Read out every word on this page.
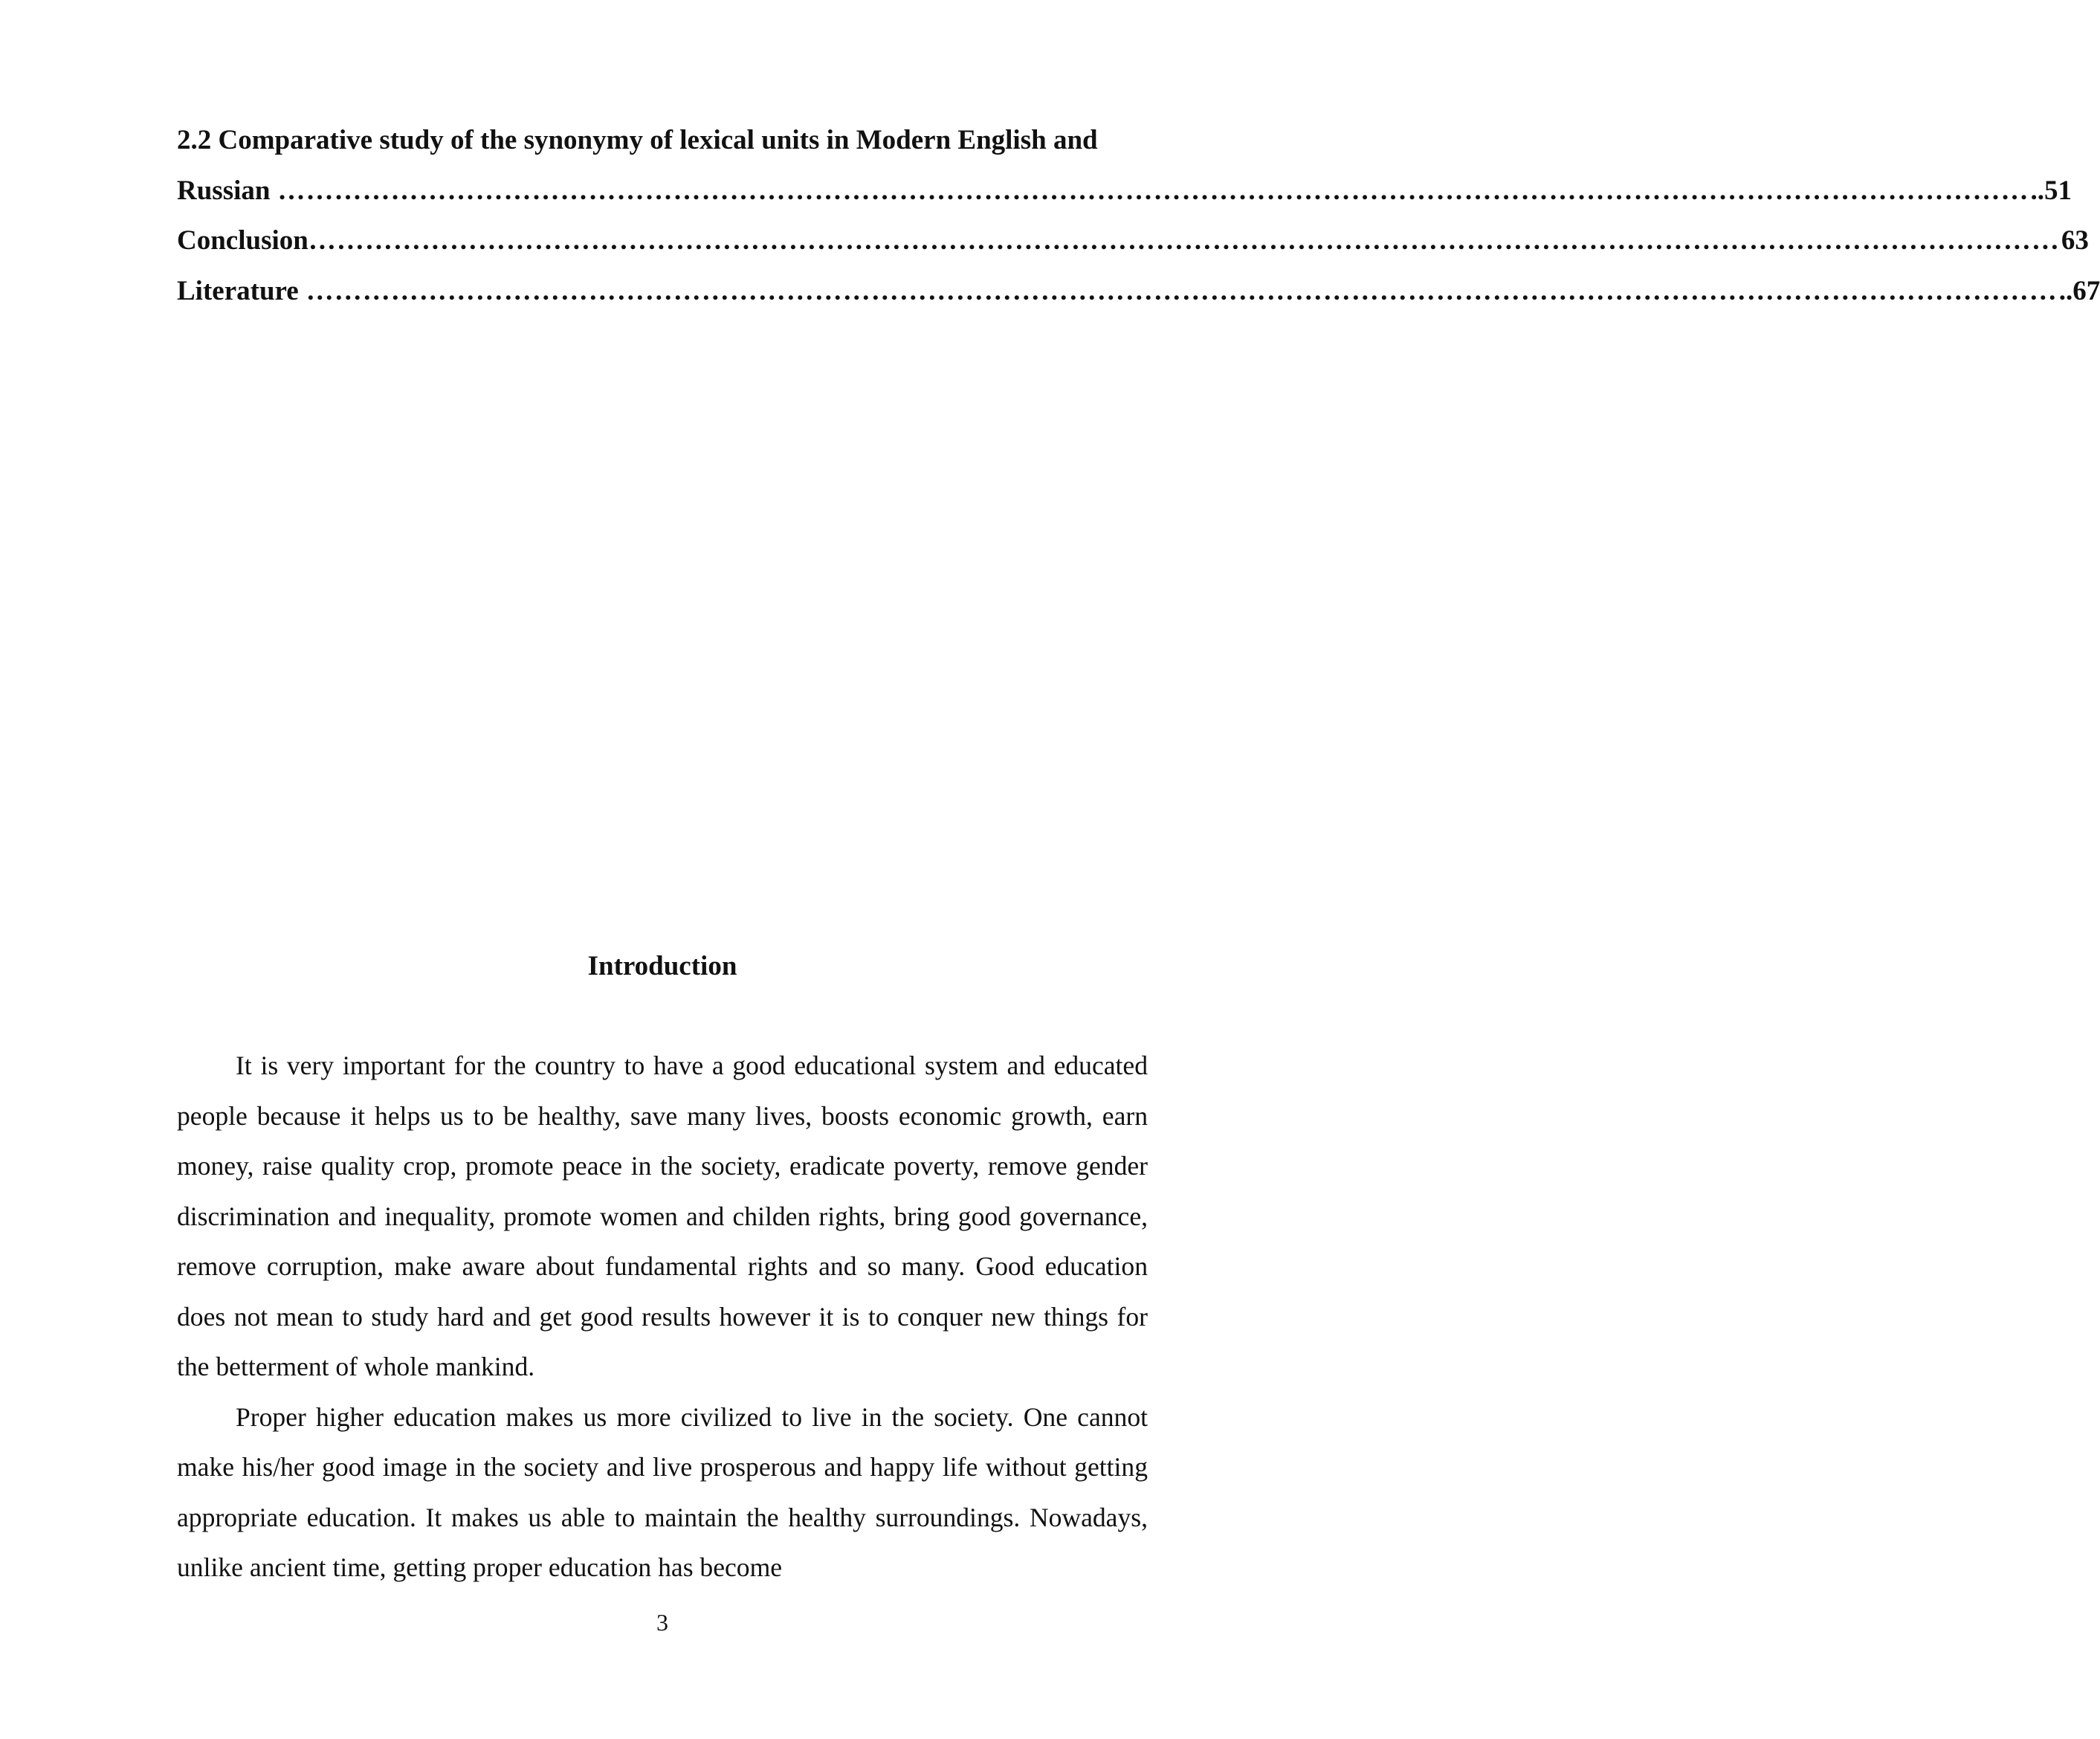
2.2 Comparative study of the synonymy of lexical units in Modern English and
Russian …………………………………………………………………………………………………………………………………………………………………… ..51
Conclusion …………………………………………………………………………………………………………………………………………………………………… 63
Literature …………………………………………………………………………………………………………………………………………………………………… ..67
Introduction

It is very important for the country to have a good educational system and educated people because it helps us to be healthy, save many lives, boosts economic growth, earn money, raise quality crop, promote peace in the society, eradicate poverty, remove gender discrimination and inequality, promote women and childen rights, bring good governance, remove corruption, make aware about fundamental rights and so many. Good education does not mean to study hard and get good results however it is to conquer new things for the betterment of whole mankind.

Proper higher education makes us more civilized to live in the society. One cannot make his/her good image in the society and live prosperous and happy life without getting appropriate education. It makes us able to maintain the healthy surroundings. Nowadays, unlike ancient time, getting proper education has become

3
